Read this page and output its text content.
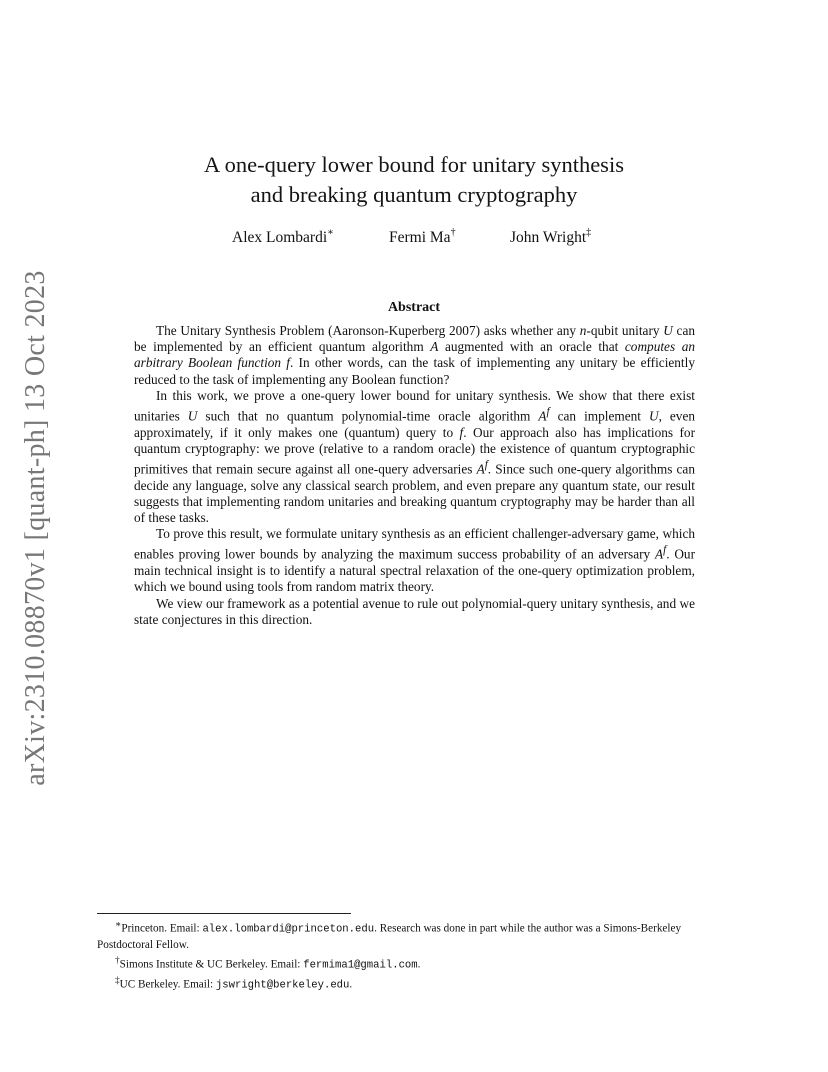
arXiv:2310.08870v1 [quant-ph] 13 Oct 2023
A one-query lower bound for unitary synthesis
and breaking quantum cryptography
Alex Lombardi∗	Fermi Ma†	John Wright‡
Abstract

The Unitary Synthesis Problem (Aaronson-Kuperberg 2007) asks whether any n-qubit unitary U can be implemented by an efficient quantum algorithm A augmented with an oracle that computes an arbitrary Boolean function f. In other words, can the task of implementing any unitary be efficiently reduced to the task of implementing any Boolean function?

In this work, we prove a one-query lower bound for unitary synthesis. We show that there exist unitaries U such that no quantum polynomial-time oracle algorithm $A^f$ can implement U, even approximately, if it only makes one (quantum) query to f. Our approach also has implications for quantum cryptography: we prove (relative to a random oracle) the existence of quantum cryptographic primitives that remain secure against all one-query adversaries $A^f$. Since such one-query algorithms can decide any language, solve any classical search problem, and even prepare any quantum state, our result suggests that implementing random unitaries and breaking quantum cryptography may be harder than all of these tasks.

To prove this result, we formulate unitary synthesis as an efficient challenger-adversary game, which enables proving lower bounds by analyzing the maximum success probability of an adversary $A^f$. Our main technical insight is to identify a natural spectral relaxation of the one-query optimization problem, which we bound using tools from random matrix theory.

We view our framework as a potential avenue to rule out polynomial-query unitary synthesis, and we state conjectures in this direction.

∗Princeton. Email: alex.lombardi@princeton.edu. Research was done in part while the author was a Simons-Berkeley Postdoctoral Fellow.

†Simons Institute & UC Berkeley. Email: fermima1@gmail.com.

‡UC Berkeley. Email: jswright@berkeley.edu.
